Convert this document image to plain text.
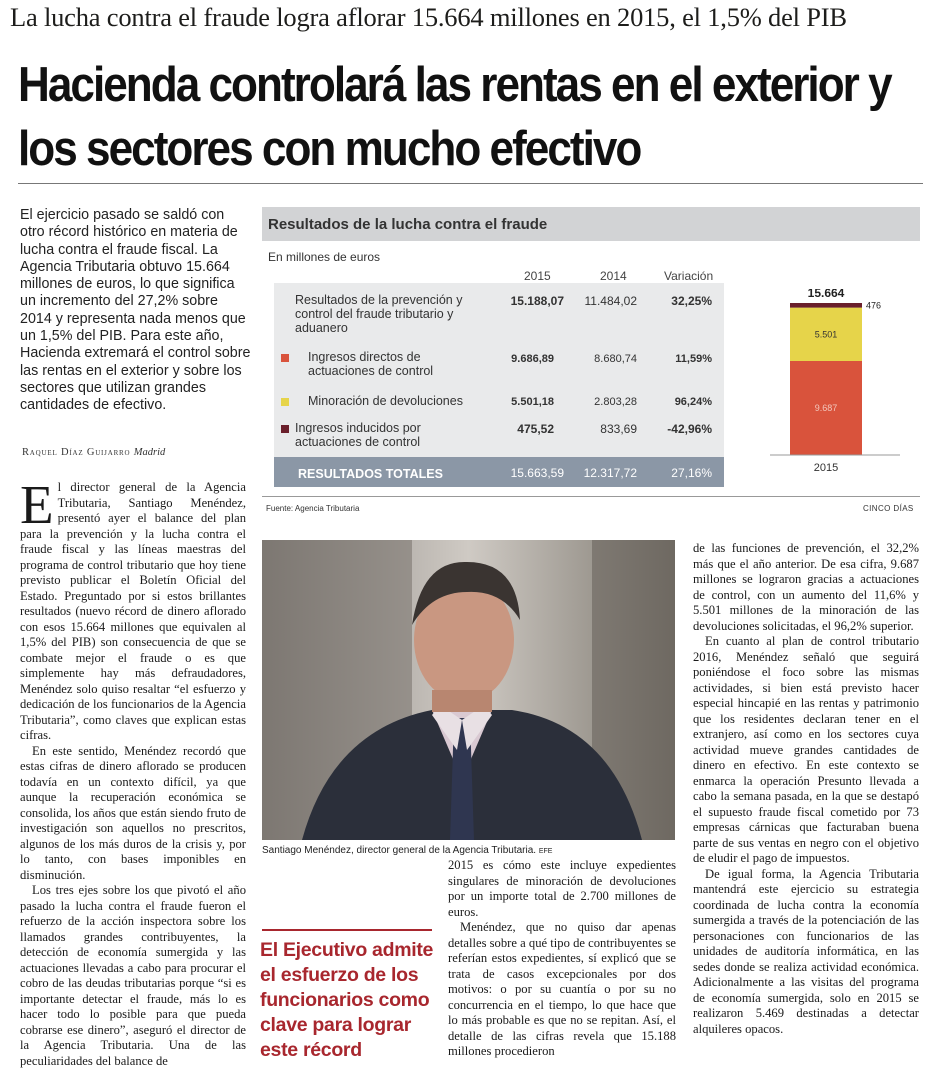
La lucha contra el fraude logra aflorar 15.664 millones en 2015, el 1,5% del PIB
Hacienda controlará las rentas en el exterior y los sectores con mucho efectivo
El ejercicio pasado se saldó con otro récord histórico en materia de lucha contra el fraude fiscal. La Agencia Tributaria obtuvo 15.664 millones de euros, lo que significa un incremento del 27,2% sobre 2014 y representa nada menos que un 1,5% del PIB. Para este año, Hacienda extremará el control sobre las rentas en el exterior y sobre los sectores que utilizan grandes cantidades de efectivo.
Raquel Díaz Guijarro Madrid
Resultados de la lucha contra el fraude
En millones de euros
2015	2014	Variación
Resultados de la prevención y control del fraude tributario y aduanero
15.188,07	11.484,02	32,25%
Ingresos directos de actuaciones de control
9.686,89	8.680,74	11,59%
Minoración de devoluciones	5.501,18	2.803,28	96,24%
Ingresos inducidos por actuaciones de control
475,52	833,69	-42,96%
RESULTADOS TOTALES	15.663,59	12.317,72	27,16%
9.687
5.501
476
15.664
2015
Fuente: Agencia Tributaria	CINCO DÍAS

El director general de la Agencia Tributaria, Santiago Menéndez, presentó ayer el balance del plan para la prevención y la lucha contra el fraude fiscal y las líneas maestras del programa de control tributario que hoy tiene previsto publicar el Boletín Oficial del Estado. Preguntado por si estos brillantes resultados (nuevo récord de dinero aflorado con esos 15.664 millones que equivalen al 1,5% del PIB) son consecuencia de que se combate mejor el fraude o es que simplemente hay más defraudadores, Menéndez solo quiso resaltar “el esfuerzo y dedicación de los funcionarios de la Agencia Tributaria”, como claves que explican estas cifras.

En este sentido, Menéndez recordó que estas cifras de dinero aflorado se producen todavía en un contexto difícil, ya que aunque la recuperación económica se consolida, los años que están siendo fruto de investigación son aquellos no prescritos, algunos de los más duros de la crisis y, por lo tanto, con bases imponibles en disminución.

Los tres ejes sobre los que pivotó el año pasado la lucha contra el fraude fueron el refuerzo de la acción inspectora sobre los llamados grandes contribuyentes, la detección de economía sumergida y las actuaciones llevadas a cabo para procurar el cobro de las deudas tributarias porque “si es importante detectar el fraude, más lo es hacer todo lo posible para que pueda cobrarse ese dinero”, aseguró el director de la Agencia Tributaria. Una de las peculiaridades del balance de

Santiago Menéndez, director general de la Agencia Tributaria. EFE
El Ejecutivo admite el esfuerzo de los funcionarios como clave para lograr este récord

2015 es cómo este incluye expedientes singulares de minoración de devoluciones por un importe total de 2.700 millones de euros.

Menéndez, que no quiso dar apenas detalles sobre a qué tipo de contribuyentes se referían estos expedientes, sí explicó que se trata de casos excepcionales por dos motivos: o por su cuantía o por su no concurrencia en el tiempo, lo que hace que lo más probable es que no se repitan. Así, el detalle de las cifras revela que 15.188 millones procedieron

de las funciones de prevención, el 32,2% más que el año anterior. De esa cifra, 9.687 millones se lograron gracias a actuaciones de control, con un aumento del 11,6% y 5.501 millones de la minoración de las devoluciones solicitadas, el 96,2% superior.

En cuanto al plan de control tributario 2016, Menéndez señaló que seguirá poniéndose el foco sobre las mismas actividades, si bien está previsto hacer especial hincapié en las rentas y patrimonio que los residentes declaran tener en el extranjero, así como en los sectores cuya actividad mueve grandes cantidades de dinero en efectivo. En este contexto se enmarca la operación Presunto llevada a cabo la semana pasada, en la que se destapó el supuesto fraude fiscal cometido por 73 empresas cárnicas que facturaban buena parte de sus ventas en negro con el objetivo de eludir el pago de impuestos.

De igual forma, la Agencia Tributaria mantendrá este ejercicio su estrategia coordinada de lucha contra la economía sumergida a través de la potenciación de las personaciones con funcionarios de las unidades de auditoría informática, en las sedes donde se realiza actividad económica. Adicionalmente a las visitas del programa de economía sumergida, solo en 2015 se realizaron 5.469 destinadas a detectar alquileres opacos.
